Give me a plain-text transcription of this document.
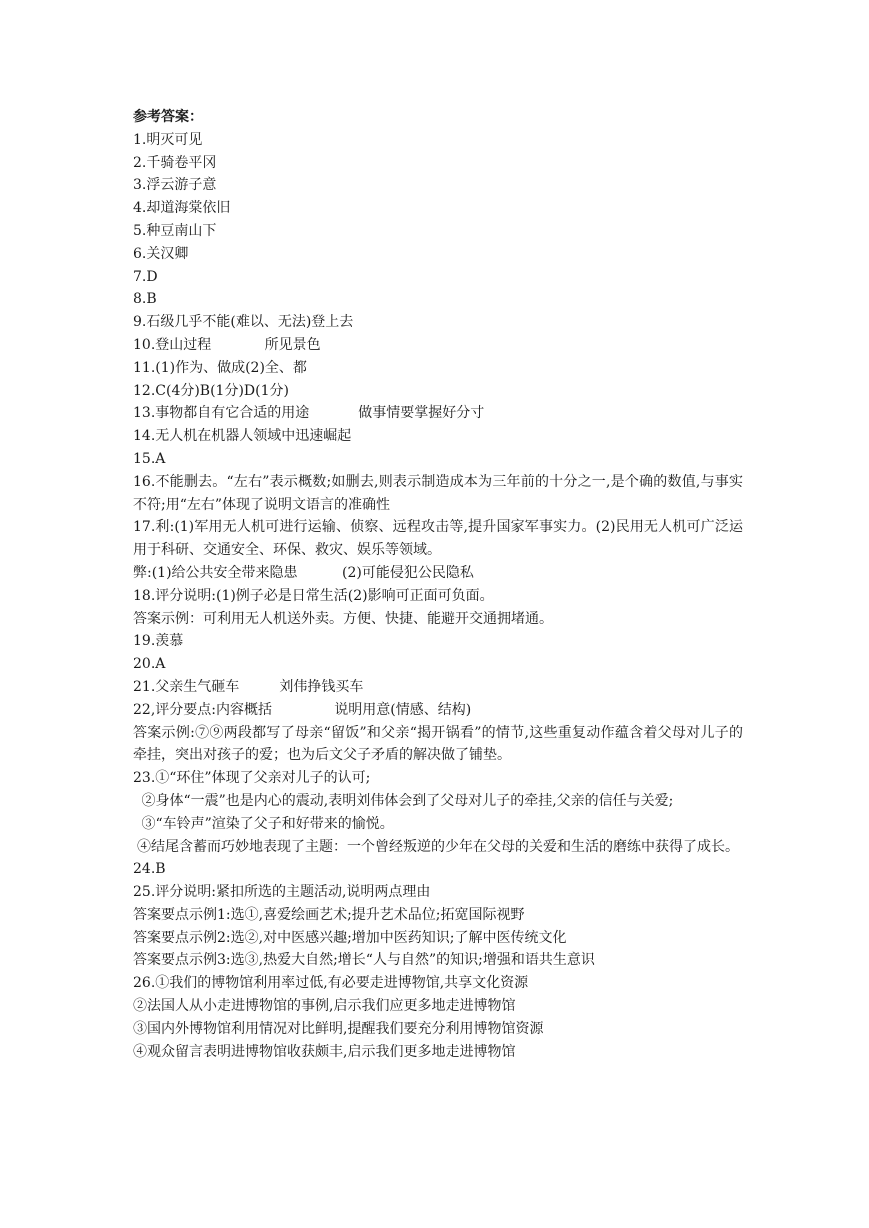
参考答案：
1.明灭可见
2.千骑卷平冈
3.浮云游子意
4.却道海棠依旧
5.种豆南山下
6.关汉卿
7.D
8.B
9.石级几乎不能(难以、无法)登上去
10.登山过程            所见景色
11.(1)作为、做成(2)全、都
12.C(4分)B(1分)D(1分)
13.事物都自有它合适的用途           做事情要掌握好分寸
14.无人机在机器人领域中迅速崛起
15.A
16.不能删去。“左右”表示概数;如删去,则表示制造成本为三年前的十分之一,是个确的数值,与事实不符;用“左右”体现了说明文语言的准确性
17.利:(1)军用无人机可进行运输、侦察、远程攻击等,提升国家军事实力。(2)民用无人机可广泛运用于科研、交通安全、环保、救灾、娱乐等领域。
弊:(1)给公共安全带来隐患          (2)可能侵犯公民隐私
18.评分说明:(1)例子必是日常生活(2)影响可正面可负面。
答案示例：可利用无人机送外卖。方便、快捷、能避开交通拥堵通。
19.羡慕
20.A
21.父亲生气砸车         刘伟挣钱买车
22,评分要点:内容概括              说明用意(情感、结构)
答案示例:⑦⑨两段都写了母亲“留饭”和父亲“揭开锅看”的情节,这些重复动作蕴含着父母对儿子的牵挂，突出对孩子的爱；也为后文父子矛盾的解决做了铺垫。
23.①“环住”体现了父亲对儿子的认可;
②身体“一震”也是内心的震动,表明刘伟体会到了父母对儿子的牵挂,父亲的信任与关爱;
③“车铃声”渲染了父子和好带来的愉悦。
④结尾含蓄而巧妙地表现了主题：一个曾经叛逆的少年在父母的关爱和生活的磨练中获得了成长。
24.B
25.评分说明:紧扣所选的主题活动,说明两点理由
答案要点示例1:选①,喜爱绘画艺术;提升艺术品位;拓宽国际视野
答案要点示例2:选②,对中医感兴趣;增加中医药知识;了解中医传统文化
答案要点示例3:选③,热爱大自然;增长“人与自然”的知识;增强和语共生意识
26.①我们的博物馆利用率过低,有必要走进博物馆,共享文化资源
②法国人从小走进博物馆的事例,启示我们应更多地走进博物馆
③国内外博物馆利用情况对比鲜明,提醒我们要充分利用博物馆资源
④观众留言表明进博物馆收获颇丰,启示我们更多地走进博物馆
